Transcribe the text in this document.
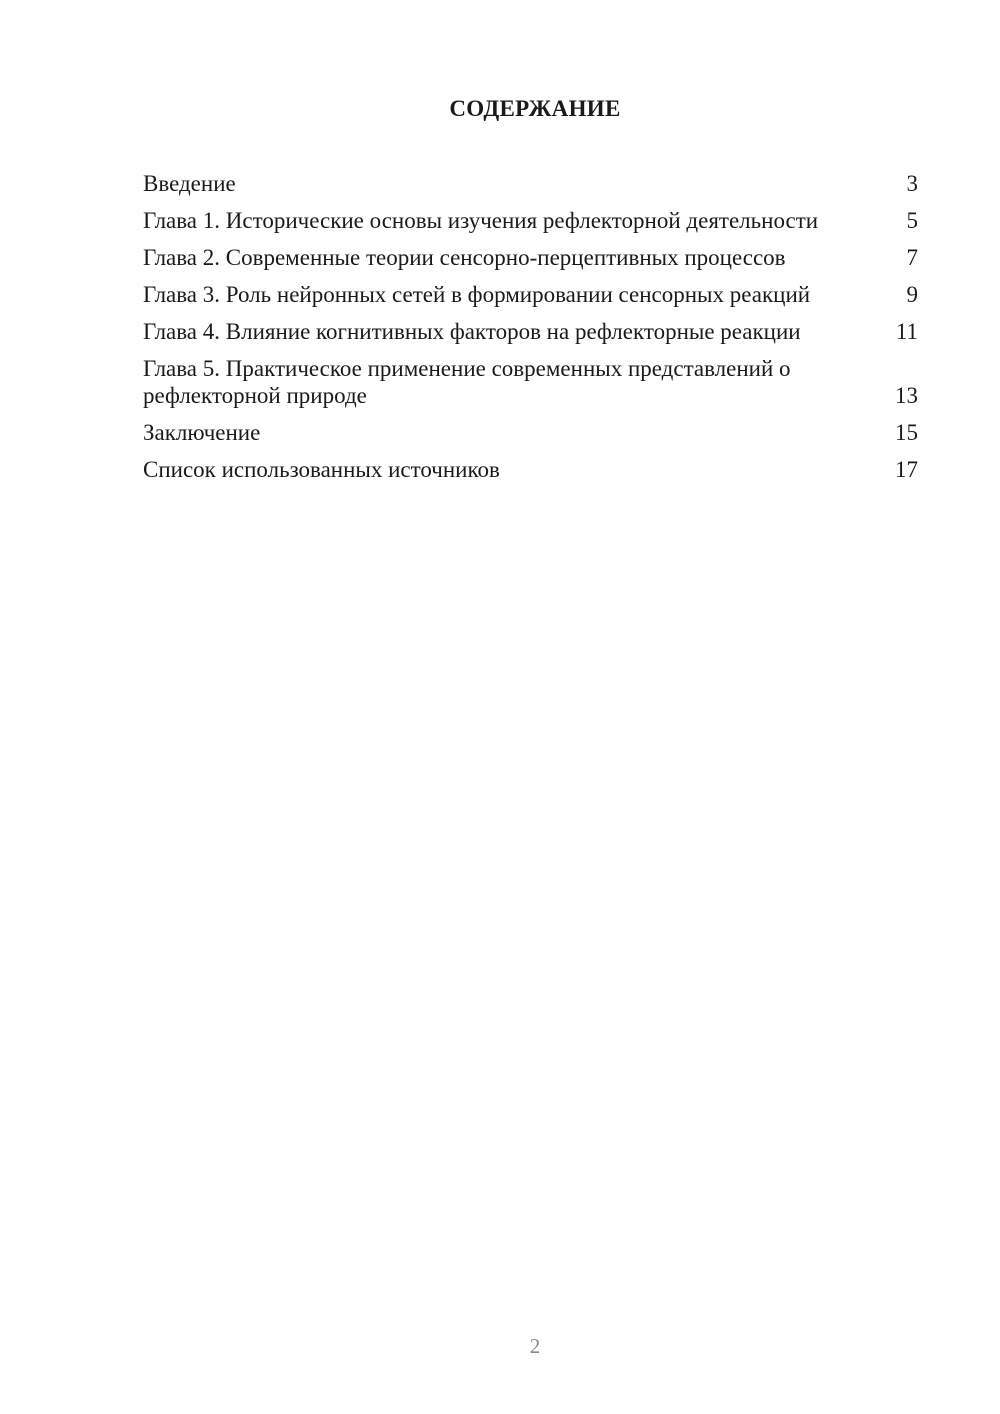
СОДЕРЖАНИЕ
Введение	3
Глава 1. Исторические основы изучения рефлекторной деятельности	5
Глава 2. Современные теории сенсорно-перцептивных процессов	7
Глава 3. Роль нейронных сетей в формировании сенсорных реакций	9
Глава 4. Влияние когнитивных факторов на рефлекторные реакции	11
Глава 5. Практическое применение современных представлений о рефлекторной природе	13
Заключение	15
Список использованных источников	17
2
